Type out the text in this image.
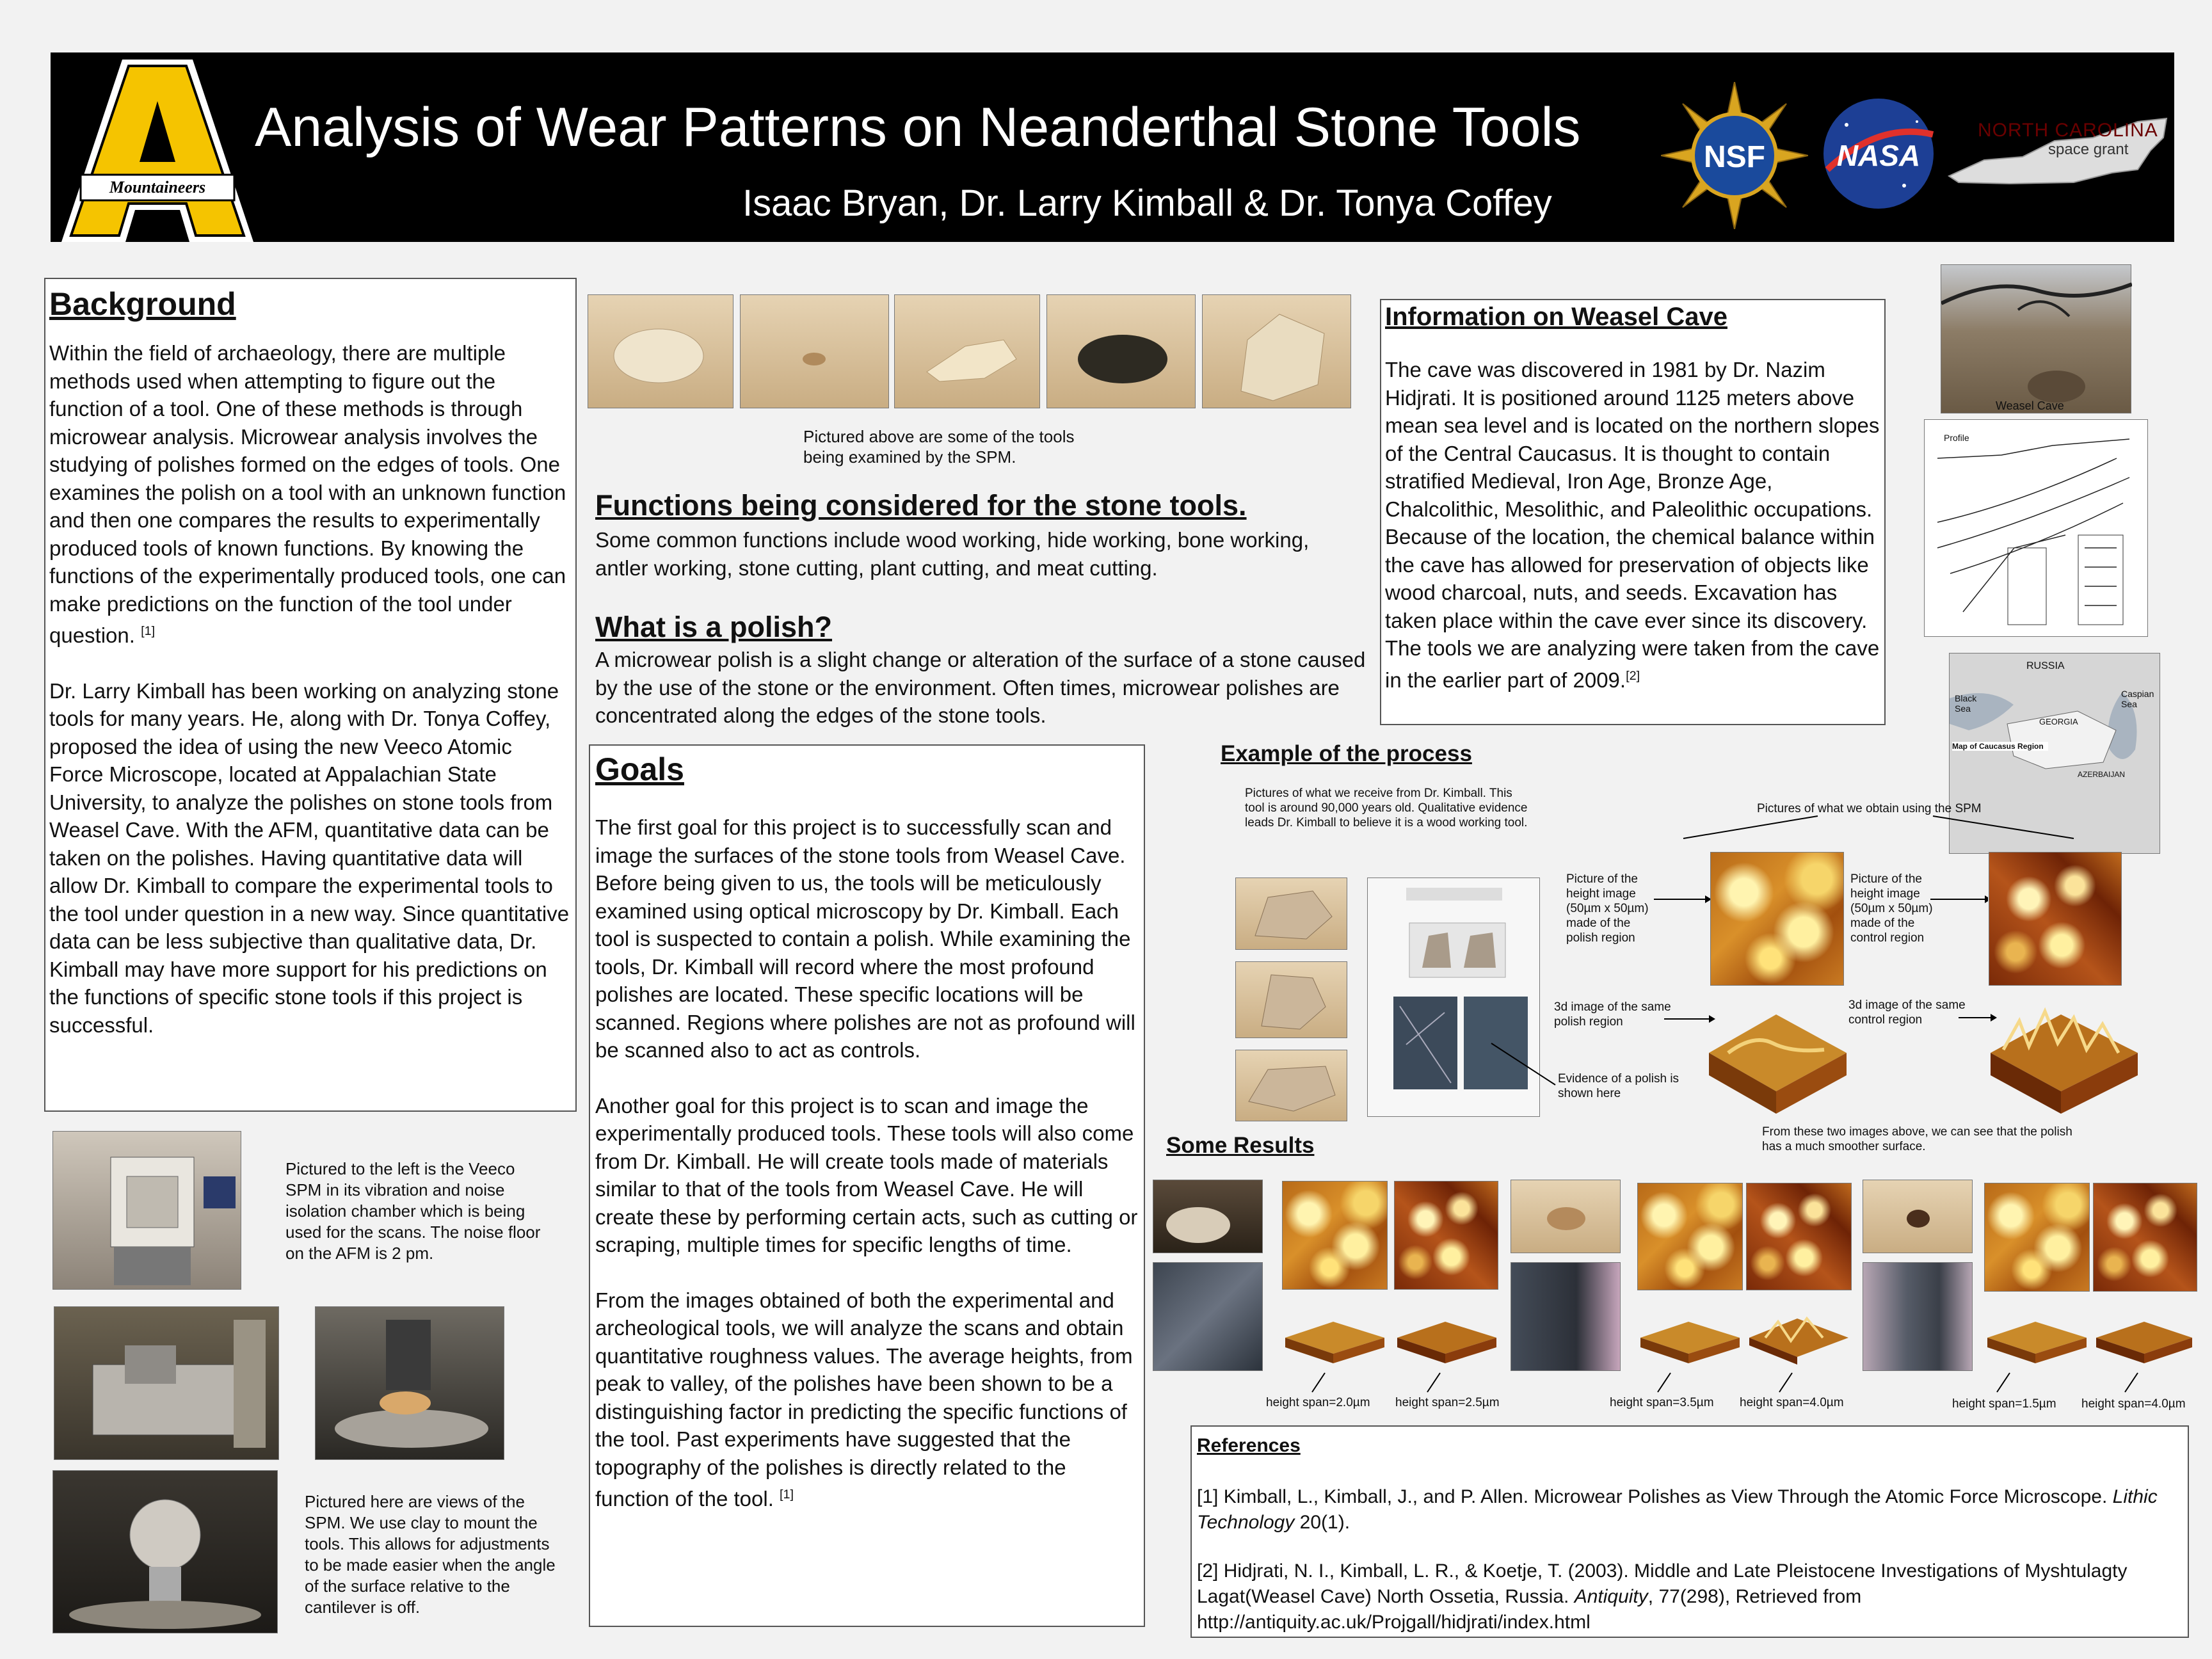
Mountaineers
Analysis of Wear Patterns on Neanderthal Stone Tools
Isaac Bryan, Dr. Larry Kimball & Dr. Tonya Coffey
NSF	NASA
NORTH CAROLINA
space grant
Background
Within the field of archaeology, there are multiple methods used when attempting to figure out the function of a tool. One of these methods is through microwear analysis. Microwear analysis involves the studying of polishes formed on the edges of tools. One examines the polish on a tool with an unknown function and then one compares the results to experimentally produced tools of known functions. By knowing the functions of the experimentally produced tools, one can make predictions on the function of the tool under question. [1]
Dr. Larry Kimball has been working on analyzing stone tools for many years. He, along with Dr. Tonya Coffey, proposed the idea of using the new Veeco Atomic Force Microscope, located at Appalachian State University, to analyze the polishes on stone tools from Weasel Cave. With the AFM, quantitative data can be taken on the polishes. Having quantitative data will allow Dr. Kimball to compare the experimental tools to the tool under question in a new way. Since quantitative data can be less subjective than qualitative data, Dr. Kimball may have more support for his predictions on the functions of specific stone tools if this project is successful.
Pictured above are some of the tools being examined by the SPM.
Functions being considered for the stone tools.
Some common functions include wood working, hide working, bone working, antler working, stone cutting, plant cutting, and meat cutting.
What is a polish?
A microwear polish is a slight change or alteration of the surface of a stone caused by the use of the stone or the environment. Often times, microwear polishes are concentrated along the edges of the stone tools.
Goals
The first goal for this project is to successfully scan and image the surfaces of the stone tools from Weasel Cave. Before being given to us, the tools will be meticulously examined using optical microscopy by Dr. Kimball. Each tool is suspected to contain a polish. While examining the tools, Dr. Kimball will record where the most profound polishes are located. These specific locations will be scanned. Regions where polishes are not as profound will be scanned also to act as controls.
Another goal for this project is to scan and image the experimentally produced tools. These tools will also come from Dr. Kimball. He will create tools made of materials similar to that of the tools from Weasel Cave. He will create these by performing certain acts, such as cutting or scraping, multiple times for specific lengths of time.
From the images obtained of both the experimental and archeological tools, we will analyze the scans and obtain quantitative roughness values. The average heights, from peak to valley, of the polishes have been shown to be a distinguishing factor in predicting the specific functions of the tool. Past experiments have suggested that the topography of the polishes is directly related to the function of the tool. [1]
Pictured to the left is the Veeco SPM in its vibration and noise isolation chamber which is being used for the scans. The noise floor on the AFM is 2 pm.
Pictured here are views of the SPM. We use clay to mount the tools. This allows for adjustments to be made easier when the angle of the surface relative to the cantilever is off.
Information on Weasel Cave
The cave was discovered in 1981 by Dr. Nazim Hidjrati. It is positioned around 1125 meters above mean sea level and is located on the northern slopes of the Central Caucasus. It is thought to contain stratified Medieval, Iron Age, Bronze Age, Chalcolithic, Mesolithic, and Paleolithic occupations. Because of the location, the chemical balance within the cave has allowed for preservation of objects like wood charcoal, nuts, and seeds. Excavation has taken place within the cave ever since its discovery. The tools we are analyzing were taken from the cave in the earlier part of 2009.[2]
Weasel Cave
Profile
RUSSIA
Black Sea
Caspian Sea
GEORGIA
AZERBAIJAN
Map of Caucasus Region
Example of the process
Pictures of what we receive from Dr. Kimball. This tool is around 90,000 years old. Qualitative evidence leads Dr. Kimball to believe it is a wood working tool.
Pictures of what we obtain using the SPM
Evidence of a polish is shown here
Picture of the height image (50µm x 50µm) made of the polish region
Picture of the height image (50µm x 50µm) made of the control region
3d image of the same polish region
3d image of the same control region
From these two images above, we can see that the polish has a much smoother surface.
Some Results
height span=2.0µm height span=2.5µm	height span=3.5µm height span=4.0µm	height span=1.5µm height span=4.0µm
References
[1] Kimball, L., Kimball, J., and P. Allen. Microwear Polishes as View Through the Atomic Force Microscope. Lithic Technology 20(1).
[2] Hidjrati, N. I., Kimball, L. R., & Koetje, T. (2003). Middle and Late Pleistocene Investigations of Myshtulagty Lagat(Weasel Cave) North Ossetia, Russia. Antiquity, 77(298), Retrieved from http://antiquity.ac.uk/Projgall/hidjrati/index.html
